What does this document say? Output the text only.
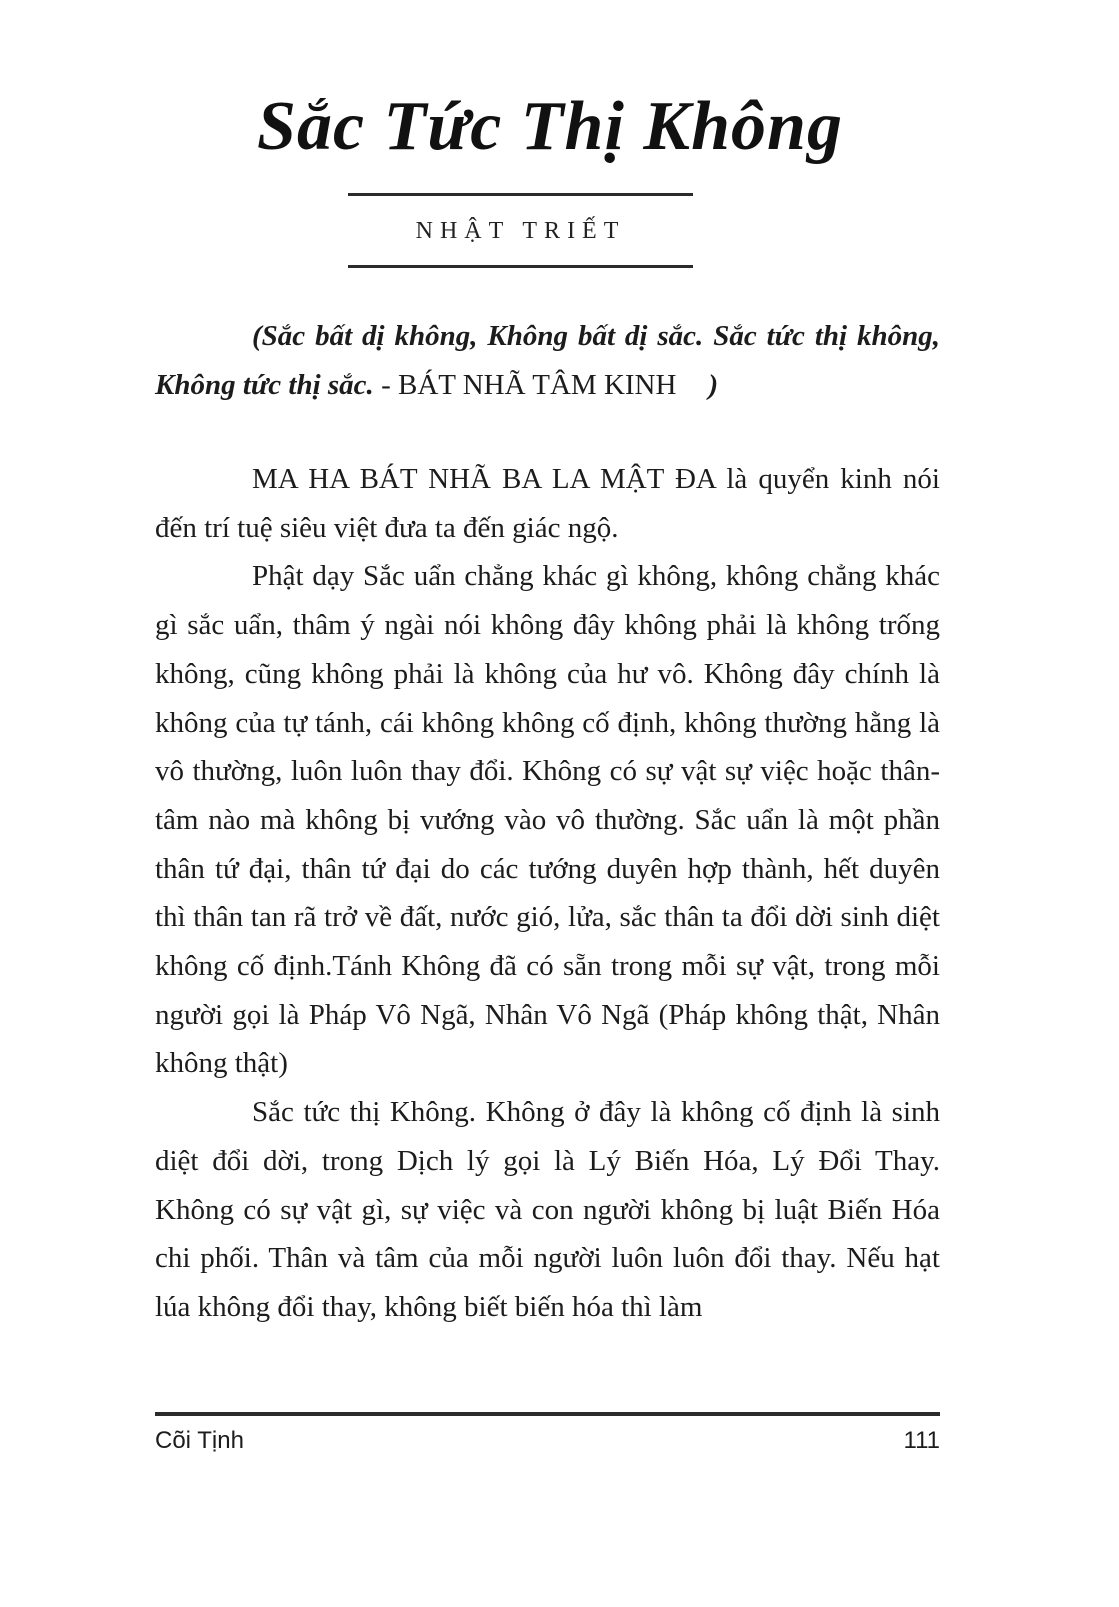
Sắc Tức Thị Không
NHẬT TRIẾT

(Sắc bất dị không, Không bất dị sắc. Sắc tức thị không, Không tức thị sắc. - BÁT NHÃ TÂM KINH )

MA HA BÁT NHÃ BA LA MẬT ĐA là quyển kinh nói đến trí tuệ siêu việt đưa ta đến giác ngộ.

Phật dạy Sắc uẩn chẳng khác gì không, không chẳng khác gì sắc uẩn, thâm ý ngài nói không đây không phải là không trống không, cũng không phải là không của hư vô. Không đây chính là không của tự tánh, cái không không cố định, không thường hằng là vô thường, luôn luôn thay đổi. Không có sự vật sự việc hoặc thân-tâm nào mà không bị vướng vào vô thường. Sắc uẩn là một phần thân tứ đại, thân tứ đại do các tướng duyên hợp thành, hết duyên thì thân tan rã trở về đất, nước gió, lửa, sắc thân ta đổi dời sinh diệt không cố định.Tánh Không đã có sẵn trong mỗi sự vật, trong mỗi người gọi là Pháp Vô Ngã, Nhân Vô Ngã (Pháp không thật, Nhân không thật)

Sắc tức thị Không. Không ở đây là không cố định là sinh diệt đổi dời, trong Dịch lý gọi là Lý Biến Hóa, Lý Đổi Thay. Không có sự vật gì, sự việc và con người không bị luật Biến Hóa chi phối. Thân và tâm của mỗi người luôn luôn đổi thay. Nếu hạt lúa không đổi thay, không biết biến hóa thì làm

Cõi Tịnh	111
